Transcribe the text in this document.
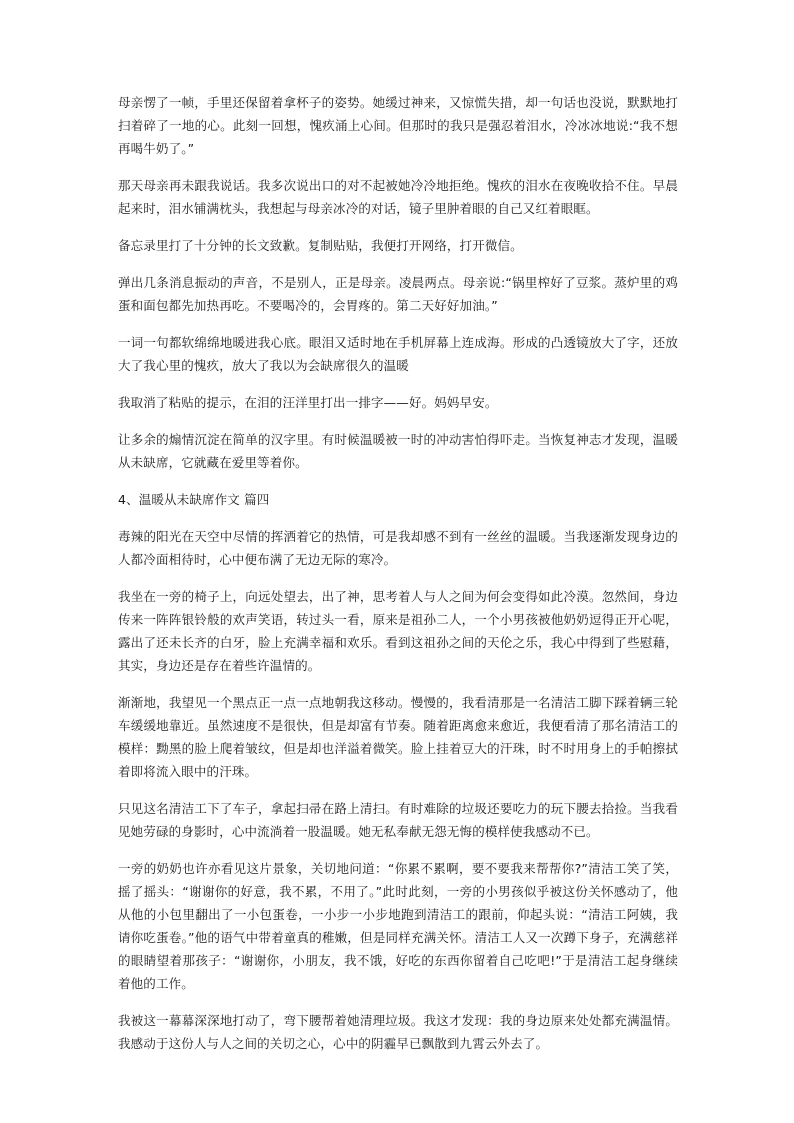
母亲愣了一帧，手里还保留着拿杯子的姿势。她缓过神来，又惊慌失措，却一句话也没说，默默地打扫着碎了一地的心。此刻一回想，愧疚涌上心间。但那时的我只是强忍着泪水，冷冰冰地说:“我不想再喝牛奶了。”

那天母亲再未跟我说话。我多次说出口的对不起被她冷冷地拒绝。愧疚的泪水在夜晚收拾不住。早晨起来时，泪水铺满枕头，我想起与母亲冰冷的对话，镜子里肿着眼的自己又红着眼眶。

备忘录里打了十分钟的长文致歉。复制贴贴，我便打开网络，打开微信。

弹出几条消息振动的声音，不是别人，正是母亲。凌晨两点。母亲说:“锅里榨好了豆浆。蒸炉里的鸡蛋和面包都先加热再吃。不要喝冷的，会胃疼的。第二天好好加油。”

一词一句都软绵绵地暖进我心底。眼泪又适时地在手机屏幕上连成海。形成的凸透镜放大了字，还放大了我心里的愧疚，放大了我以为会缺席很久的温暖

我取消了粘贴的提示，在泪的汪洋里打出一排字——好。妈妈早安。

让多余的煽情沉淀在简单的汉字里。有时候温暖被一时的冲动害怕得吓走。当恢复神志才发现，温暖从未缺席，它就藏在爱里等着你。

4、温暖从未缺席作文 篇四

毒辣的阳光在天空中尽情的挥洒着它的热情，可是我却感不到有一丝丝的温暖。当我逐渐发现身边的人都冷面相待时，心中便布满了无边无际的寒冷。

我坐在一旁的椅子上，向远处望去，出了神，思考着人与人之间为何会变得如此冷漠。忽然间，身边传来一阵阵银铃般的欢声笑语，转过头一看，原来是祖孙二人，一个小男孩被他奶奶逗得正开心呢，露出了还未长齐的白牙，脸上充满幸福和欢乐。看到这祖孙之间的天伦之乐，我心中得到了些慰藉，其实，身边还是存在着些许温情的。

渐渐地，我望见一个黑点正一点一点地朝我这移动。慢慢的，我看清那是一名清洁工脚下踩着辆三轮车缓缓地靠近。虽然速度不是很快，但是却富有节奏。随着距离愈来愈近，我便看清了那名清洁工的模样：黝黑的脸上爬着皱纹，但是却也洋溢着微笑。脸上挂着豆大的汗珠，时不时用身上的手帕擦拭着即将流入眼中的汗珠。

只见这名清洁工下了车子，拿起扫帚在路上清扫。有时难除的垃圾还要吃力的玩下腰去拾捡。当我看见她劳碌的身影时，心中流淌着一股温暖。她无私奉献无怨无悔的模样使我感动不已。

一旁的奶奶也许亦看见这片景象，关切地问道：“你累不累啊，要不要我来帮帮你?”清洁工笑了笑，摇了摇头：“谢谢你的好意，我不累，不用了。”此时此刻，一旁的小男孩似乎被这份关怀感动了，他从他的小包里翻出了一小包蛋卷，一小步一小步地跑到清洁工的跟前，仰起头说：“清洁工阿姨，我请你吃蛋卷。”他的语气中带着童真的稚嫩，但是同样充满关怀。清洁工人又一次蹲下身子，充满慈祥的眼睛望着那孩子：“谢谢你，小朋友，我不饿，好吃的东西你留着自己吃吧!”于是清洁工起身继续着他的工作。

我被这一幕幕深深地打动了，弯下腰帮着她清理垃圾。我这才发现：我的身边原来处处都充满温情。我感动于这份人与人之间的关切之心，心中的阴霾早已飘散到九霄云外去了。
